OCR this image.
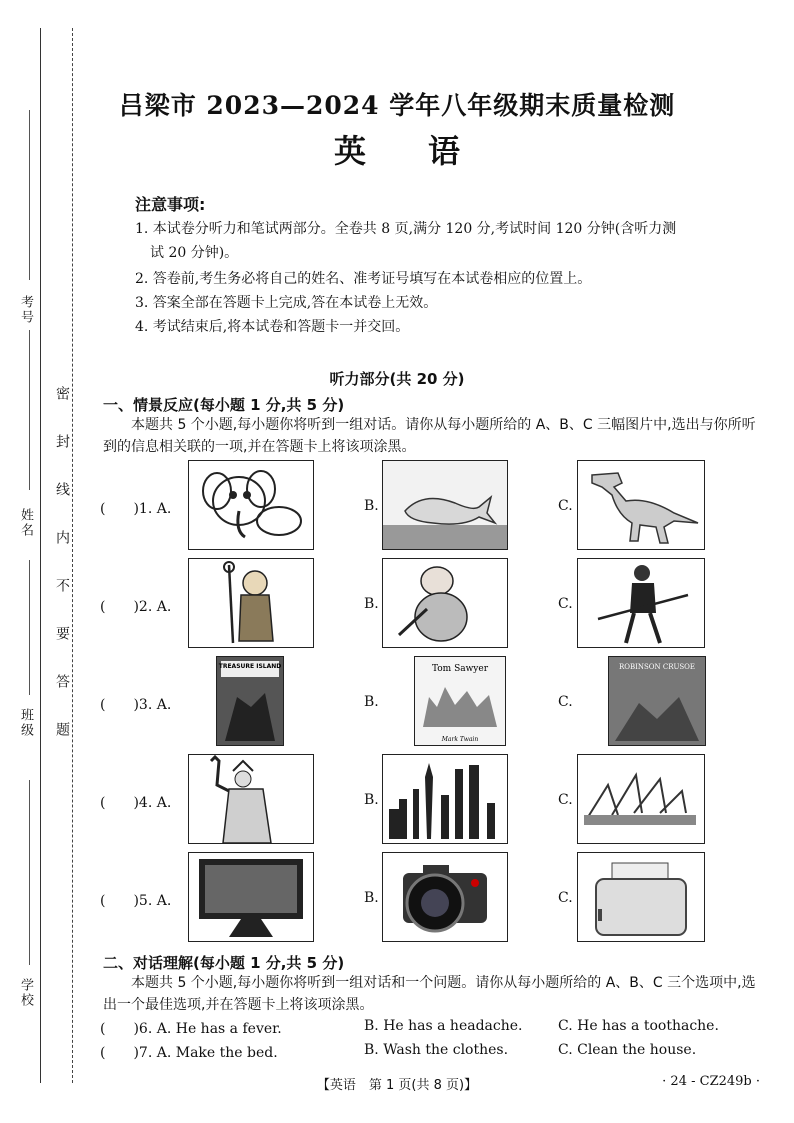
考号
姓名
班级
学校
密封线内不要答题
吕梁市 2023—2024 学年八年级期末质量检测
英语
注意事项:
1. 本试卷分听力和笔试两部分。全卷共 8 页,满分 120 分,考试时间 120 分钟(含听力测
试 20 分钟)。
2. 答卷前,考生务必将自己的姓名、准考证号填写在本试卷相应的位置上。
3. 答案全部在答题卡上完成,答在本试卷上无效。
4. 考试结束后,将本试卷和答题卡一并交回。
听力部分(共 20 分)
一、情景反应(每小题 1 分,共 5 分)
本题共 5 个小题,每小题你将听到一组对话。请你从每小题所给的 A、B、C 三幅图片中,选出与你所听到的信息相关联的一项,并在答题卡上将该项涂黑。
(　　)1. A.	B.	C.
(　　)2. A.	B.	C.
(　　)3. A.
TREASURE ISLAND
B.
Tom Sawyer
Mark Twain
C.
ROBINSON CRUSOE
(　　)4. A.	B.	C.
(　　)5. A.	B.	C.
二、对话理解(每小题 1 分,共 5 分)
本题共 5 个小题,每小题你将听到一组对话和一个问题。请你从每小题所给的 A、B、C 三个选项中,选出一个最佳选项,并在答题卡上将该项涂黑。
(　　)6. A. He has a fever.	B. He has a headache.	C. He has a toothache.
(　　)7. A. Make the bed.	B. Wash the clothes.	C. Clean the house.
【英语　第 1 页(共 8 页)】	· 24 - CZ249b ·
